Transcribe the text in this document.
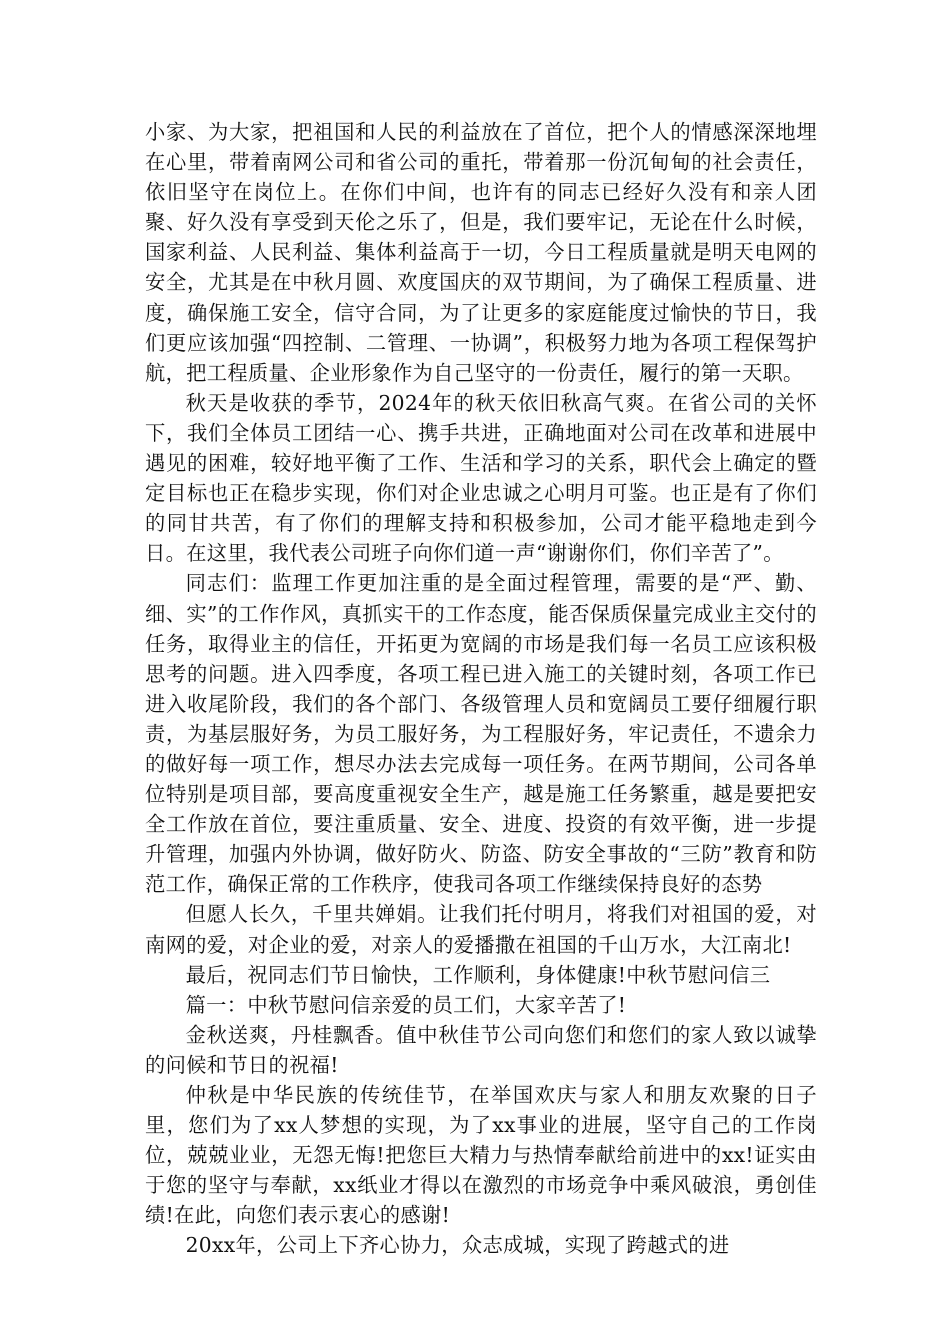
小家、为大家，把祖国和人民的利益放在了首位，把个人的情感深深地埋在心里，带着南网公司和省公司的重托，带着那一份沉甸甸的社会责任，依旧坚守在岗位上。在你们中间，也许有的同志已经好久没有和亲人团聚、好久没有享受到天伦之乐了，但是，我们要牢记，无论在什么时候，国家利益、人民利益、集体利益高于一切，今日工程质量就是明天电网的安全，尤其是在中秋月圆、欢度国庆的双节期间，为了确保工程质量、进度，确保施工安全，信守合同，为了让更多的家庭能度过愉快的节日，我们更应该加强“四控制、二管理、一协调”，积极努力地为各项工程保驾护航，把工程质量、企业形象作为自己坚守的一份责任，履行的第一天职。

秋天是收获的季节，2024年的秋天依旧秋高气爽。在省公司的关怀下，我们全体员工团结一心、携手共进，正确地面对公司在改革和进展中遇见的困难，较好地平衡了工作、生活和学习的关系，职代会上确定的暨定目标也正在稳步实现，你们对企业忠诚之心明月可鉴。也正是有了你们的同甘共苦，有了你们的理解支持和积极参加，公司才能平稳地走到今日。在这里，我代表公司班子向你们道一声“谢谢你们，你们辛苦了”。

同志们：监理工作更加注重的是全面过程管理，需要的是“严、勤、细、实”的工作作风，真抓实干的工作态度，能否保质保量完成业主交付的任务，取得业主的信任，开拓更为宽阔的市场是我们每一名员工应该积极思考的问题。进入四季度，各项工程已进入施工的关键时刻，各项工作已进入收尾阶段，我们的各个部门、各级管理人员和宽阔员工要仔细履行职责，为基层服好务，为员工服好务，为工程服好务，牢记责任，不遗余力的做好每一项工作，想尽办法去完成每一项任务。在两节期间，公司各单位特别是项目部，要高度重视安全生产，越是施工任务繁重，越是要把安全工作放在首位，要注重质量、安全、进度、投资的有效平衡，进一步提升管理，加强内外协调，做好防火、防盗、防安全事故的“三防”教育和防范工作，确保正常的工作秩序，使我司各项工作继续保持良好的态势

但愿人长久，千里共婵娟。让我们托付明月，将我们对祖国的爱，对南网的爱，对企业的爱，对亲人的爱播撒在祖国的千山万水，大江南北!

最后，祝同志们节日愉快，工作顺利，身体健康!中秋节慰问信三

篇一：中秋节慰问信亲爱的员工们，大家辛苦了!

金秋送爽，丹桂飘香。值中秋佳节公司向您们和您们的家人致以诚挚的问候和节日的祝福!

仲秋是中华民族的传统佳节，在举国欢庆与家人和朋友欢聚的日子里，您们为了xx人梦想的实现，为了xx事业的进展，坚守自己的工作岗位，兢兢业业，无怨无悔!把您巨大精力与热情奉献给前进中的xx!证实由于您的坚守与奉献，xx纸业才得以在激烈的市场竞争中乘风破浪，勇创佳绩!在此，向您们表示衷心的感谢!

20xx年，公司上下齐心协力，众志成城，实现了跨越式的进
